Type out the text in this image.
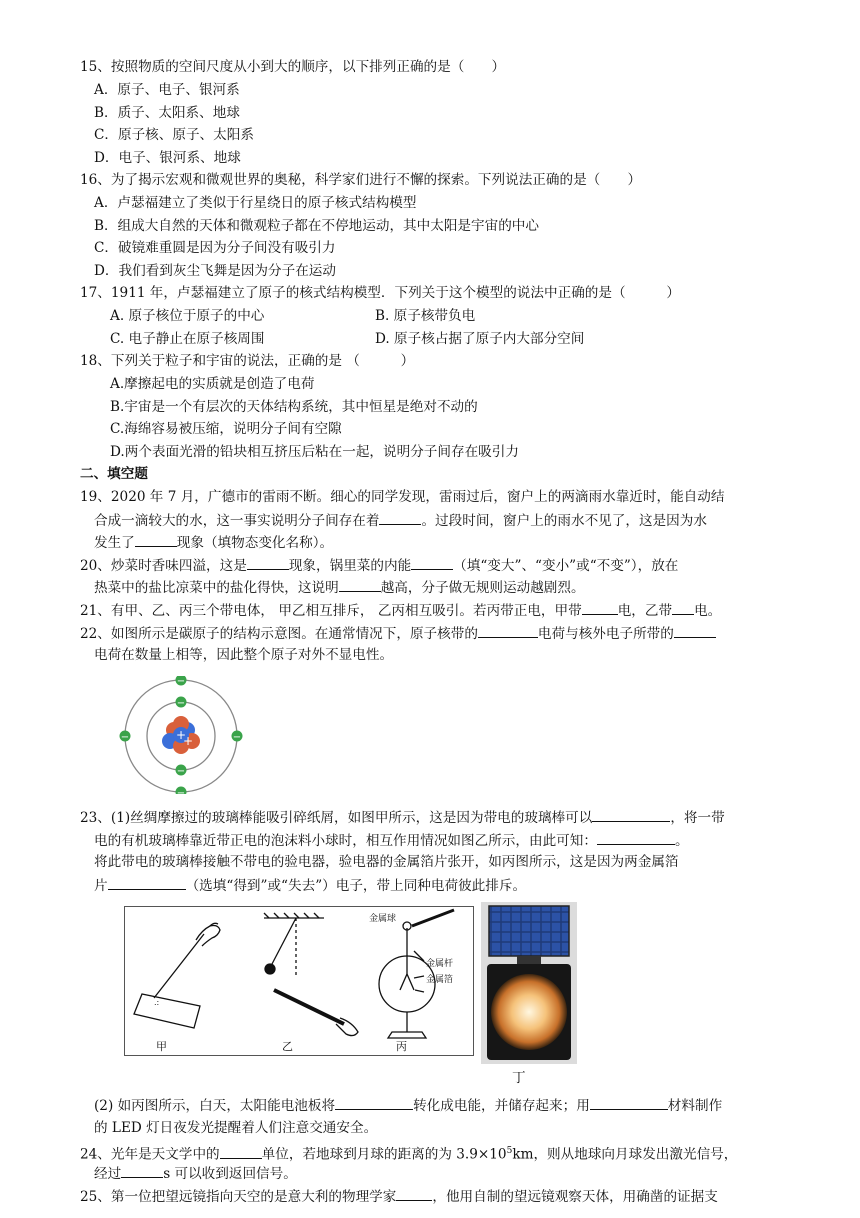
15、按照物质的空间尺度从小到大的顺序，以下排列正确的是（　　）
A．原子、电子、银河系
B．质子、太阳系、地球
C．原子核、原子、太阳系
D．电子、银河系、地球
16、为了揭示宏观和微观世界的奥秘，科学家们进行不懈的探索。下列说法正确的是（　　）
A．卢瑟福建立了类似于行星绕日的原子核式结构模型
B．组成大自然的天体和微观粒子都在不停地运动，其中太阳是宇宙的中心
C．破镜难重圆是因为分子间没有吸引力
D．我们看到灰尘飞舞是因为分子在运动
17、1911 年，卢瑟福建立了原子的核式结构模型．下列关于这个模型的说法中正确的是（　　　）
A. 原子核位于原子的中心	B. 原子核带负电
C. 电子静止在原子核周围	D. 原子核占据了原子内大部分空间
18、下列关于粒子和宇宙的说法，正确的是 （　　　）
A.摩擦起电的实质就是创造了电荷
B.宇宙是一个有层次的天体结构系统，其中恒星是绝对不动的
C.海绵容易被压缩，说明分子间有空隙
D.两个表面光滑的铅块相互挤压后粘在一起，说明分子间存在吸引力
二、填空题
19、2020 年 7 月，广德市的雷雨不断。细心的同学发现，雷雨过后，窗户上的两滴雨水靠近时，能自动结
合成一滴较大的水，这一事实说明分子间存在着	。过段时间，窗户上的雨水不见了，这是因为水
发生了	现象（填物态变化名称）。
20、炒菜时香味四溢，这是	现象，锅里菜的内能	（填“变大”、“变小”或“不变”），放在
热菜中的盐比凉菜中的盐化得快，这说明	越高，分子做无规则运动越剧烈。
21、有甲、乙、丙三个带电体， 甲乙相互排斥， 乙丙相互吸引。若丙带正电，甲带	电，乙带 电。
22、如图所示是碳原子的结构示意图。在通常情况下，原子核带的	电荷与核外电子所带的
电荷在数量上相等，因此整个原子对外不显电性。
+
+
−
−
−
−
−	−
23、(1)丝绸摩擦过的玻璃棒能吸引碎纸屑，如图甲所示，这是因为带电的玻璃棒可以	，将一带
电的有机玻璃棒靠近带正电的泡沫料小球时，相互作用情况如图乙所示，由此可知：	。
将此带电的玻璃棒接触不带电的验电器，验电器的金属箔片张开，如丙图所示，这是因为两金属箔
片	（选填“得到”或“失去”）电子，带上同种电荷彼此排斥。
.:
金属球
金属杆
金属箔
甲	乙	丙
丁
(2) 如丙图所示，白天，太阳能电池板将	转化成电能，并储存起来；用	材料制作
的 LED 灯日夜发光提醒着人们注意交通安全。
24、光年是天文学中的	单位，若地球到月球的距离的为 $3.9\times 10^5km$，则从地球向月球发出激光信号，
经过	s 可以收到返回信号。
25、第一位把望远镜指向天空的是意大利的物理学家	，他用自制的望远镜观察天体，用确凿的证据支
